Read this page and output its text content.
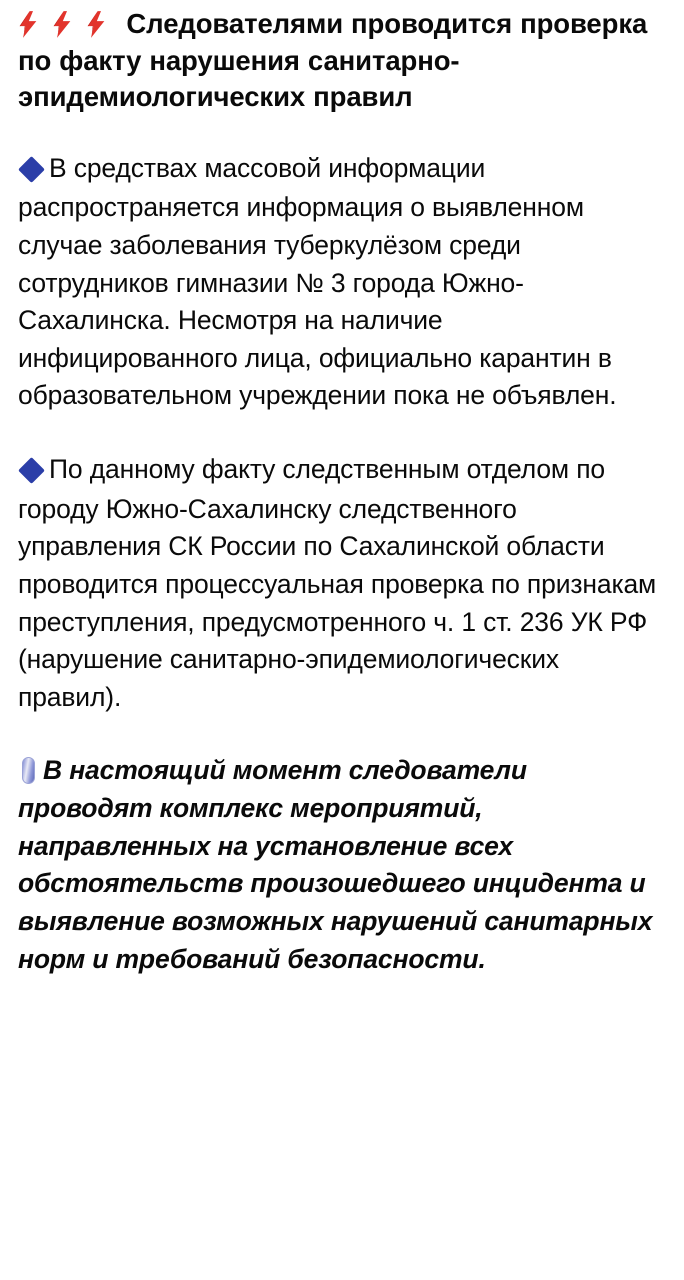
Следователями проводится проверка по факту нарушения санитарно-эпидемиологических правил

В средствах массовой информации распространяется информация о выявленном случае заболевания туберкулёзом среди сотрудников гимназии № 3 города Южно-Сахалинска. Несмотря на наличие инфицированного лица, официально карантин в образовательном учреждении пока не объявлен.

По данному факту следственным отделом по городу Южно-Сахалинску следственного управления СК России по Сахалинской области проводится процессуальная проверка по признакам преступления, предусмотренного ч. 1 ст. 236 УК РФ (нарушение санитарно-эпидемиологических правил).

В настоящий момент следователи проводят комплекс мероприятий, направленных на установление всех обстоятельств произошедшего инцидента и выявление возможных нарушений санитарных норм и требований безопасности.
